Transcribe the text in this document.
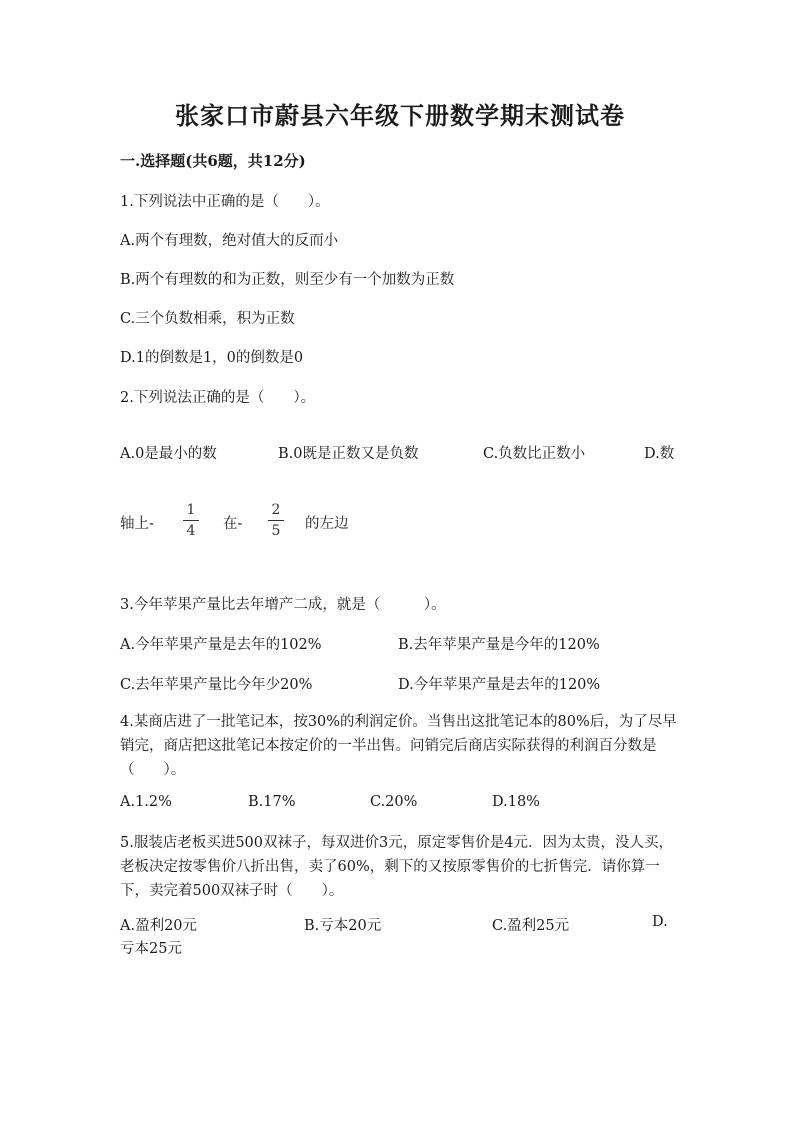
张家口市蔚县六年级下册数学期末测试卷
一.选择题(共6题，共12分)
1.下列说法中正确的是（　　）。
A.两个有理数，绝对值大的反而小
B.两个有理数的和为正数，则至少有一个加数为正数
C.三个负数相乘，积为正数
D.1的倒数是1，0的倒数是0
2.下列说法正确的是（　　）。
A.0是最小的数	B.0既是正数又是负数	C.负数比正数小	D.数
轴上-
1
4	在-
2
5	的左边
3.今年苹果产量比去年增产二成，就是（　　　）。
A.今年苹果产量是去年的102%	B.去年苹果产量是今年的120%
C.去年苹果产量比今年少20%	D.今年苹果产量是去年的120%
4.某商店进了一批笔记本，按30%的利润定价。当售出这批笔记本的80%后，为了尽早销完，商店把这批笔记本按定价的一半出售。问销完后商店实际获得的利润百分数是（　　）。
A.1.2%	B.17%	C.20%	D.18%
5.服装店老板买进500双袜子，每双进价3元，原定零售价是4元．因为太贵，没人买，老板决定按零售价八折出售，卖了60%，剩下的又按原零售价的七折售完．请你算一下，卖完着500双袜子时（　　）。
A.盈利20元	B.亏本20元	C.盈利25元	D.
亏本25元
